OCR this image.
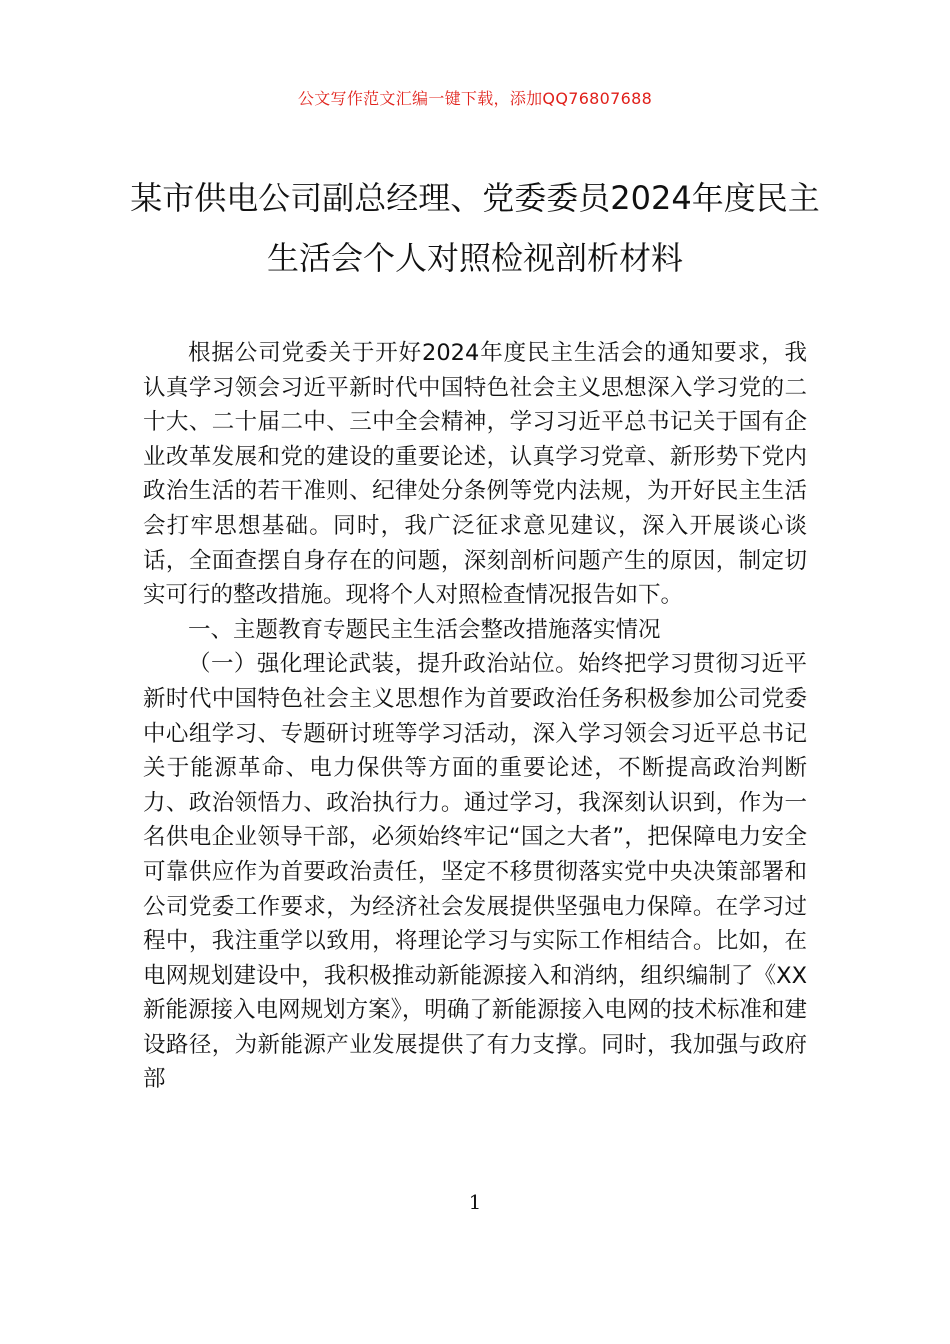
公文写作范文汇编一键下载，添加QQ76807688
某市供电公司副总经理、党委委员2024年度民主生活会个人对照检视剖析材料

根据公司党委关于开好2024年度民主生活会的通知要求，我认真学习领会习近平新时代中国特色社会主义思想深入学习党的二十大、二十届二中、三中全会精神，学习习近平总书记关于国有企业改革发展和党的建设的重要论述，认真学习党章、新形势下党内政治生活的若干准则、纪律处分条例等党内法规，为开好民主生活会打牢思想基础。同时，我广泛征求意见建议，深入开展谈心谈话，全面查摆自身存在的问题，深刻剖析问题产生的原因，制定切实可行的整改措施。现将个人对照检查情况报告如下。

一、主题教育专题民主生活会整改措施落实情况

（一）强化理论武装，提升政治站位。始终把学习贯彻习近平新时代中国特色社会主义思想作为首要政治任务积极参加公司党委中心组学习、专题研讨班等学习活动，深入学习领会习近平总书记关于能源革命、电力保供等方面的重要论述，不断提高政治判断力、政治领悟力、政治执行力。通过学习，我深刻认识到，作为一名供电企业领导干部，必须始终牢记“国之大者”，把保障电力安全可靠供应作为首要政治责任，坚定不移贯彻落实党中央决策部署和公司党委工作要求，为经济社会发展提供坚强电力保障。在学习过程中，我注重学以致用，将理论学习与实际工作相结合。比如，在电网规划建设中，我积极推动新能源接入和消纳，组织编制了《XX新能源接入电网规划方案》，明确了新能源接入电网的技术标准和建设路径，为新能源产业发展提供了有力支撑。同时，我加强与政府部

1
